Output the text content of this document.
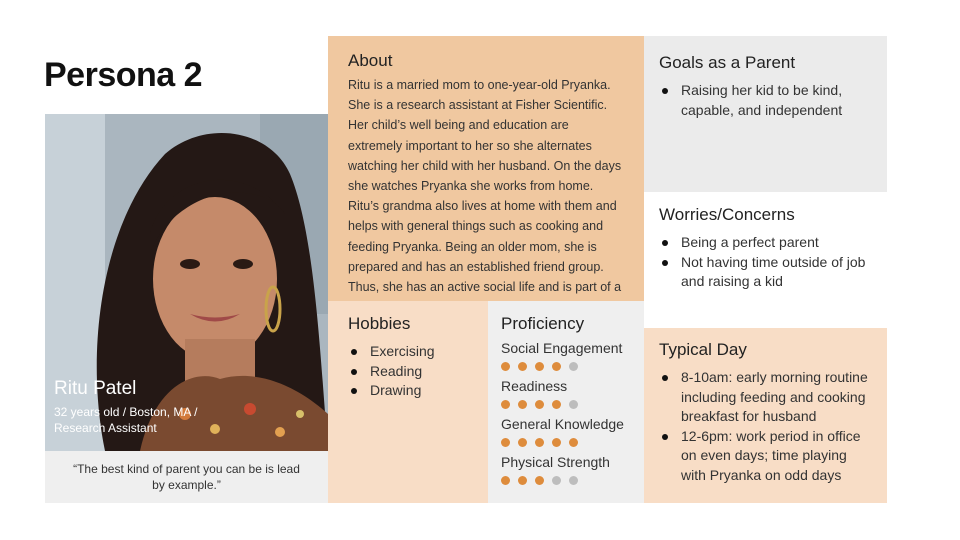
Persona 2
Ritu Patel
32 years old / Boston, MA /
Research Assistant
“The best kind of parent you can be is lead by example.”
About

Ritu is a married mom to one-year-old Pryanka. She is a research assistant at Fisher Scientific. Her child’s well being and education are extremely important to her so she alternates watching her child with her husband. On the days she watches Pryanka she works from home. Ritu’s grandma also lives at home with them and helps with general things such as cooking and feeding Pryanka. Being an older mom, she is prepared and has an established friend group. Thus, she has an active social life and is part of a

Hobbies
Exercising
Reading
Drawing
Proficiency
Social Engagement
Readiness
General Knowledge
Physical Strength
Goals as a Parent
Raising her kid to be kind, capable, and independent
Worries/Concerns
Being a perfect parent
Not having time outside of job and raising a kid
Typical Day
8-10am: early morning routine including feeding and cooking breakfast for husband
12-6pm: work period in office on even days; time playing with Pryanka on odd days
